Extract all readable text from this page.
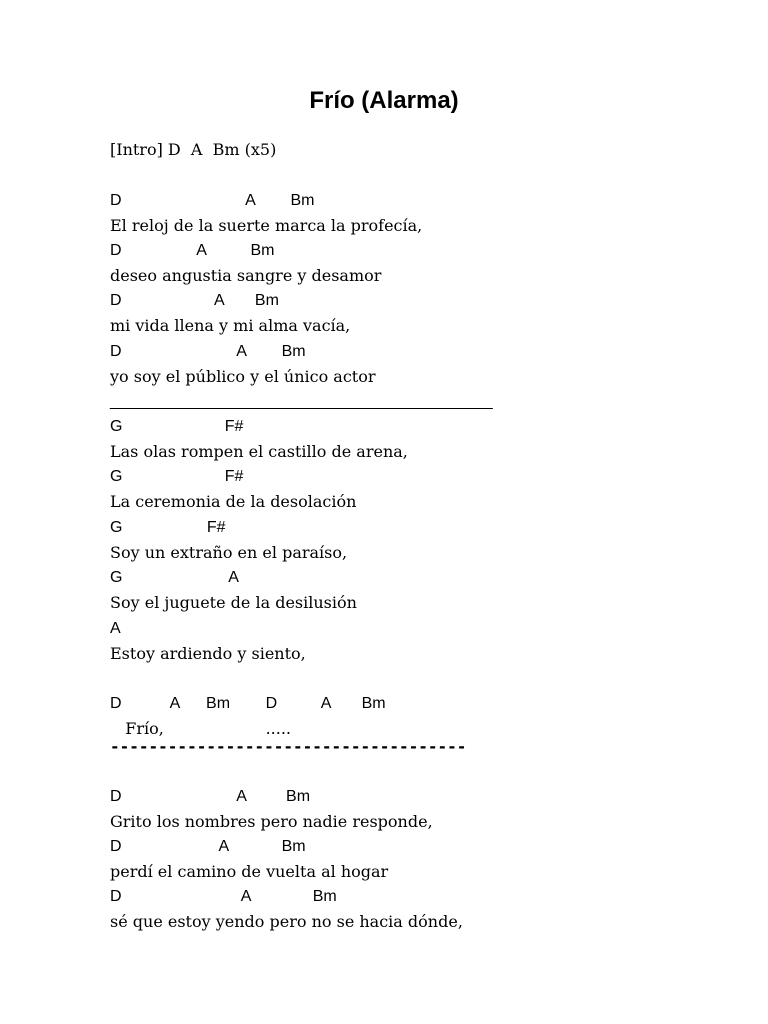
Frío (Alarma)
[Intro] D  A  Bm (x5)
D                            A        Bm
El reloj de la suerte marca la profecía,
D                 A          Bm
deseo angustia sangre y desamor
D                     A       Bm
mi vida llena y mi alma vacía,
D                          A        Bm
yo soy el público y el único actor
___________________________________________
G                       F#
Las olas rompen el castillo de arena,
G                       F#
La ceremonia de la desolación
G                   F#
Soy un extraño en el paraíso,
G                        A
Soy el juguete de la desilusión
A
Estoy ardiendo y siento,
D           A      Bm        D          A       Bm
Frío,                    .....
-------------------------------------
D                          A         Bm
Grito los nombres pero nadie responde,
D                      A            Bm
perdí el camino de vuelta al hogar
D                           A              Bm
sé que estoy yendo pero no se hacia dónde,
